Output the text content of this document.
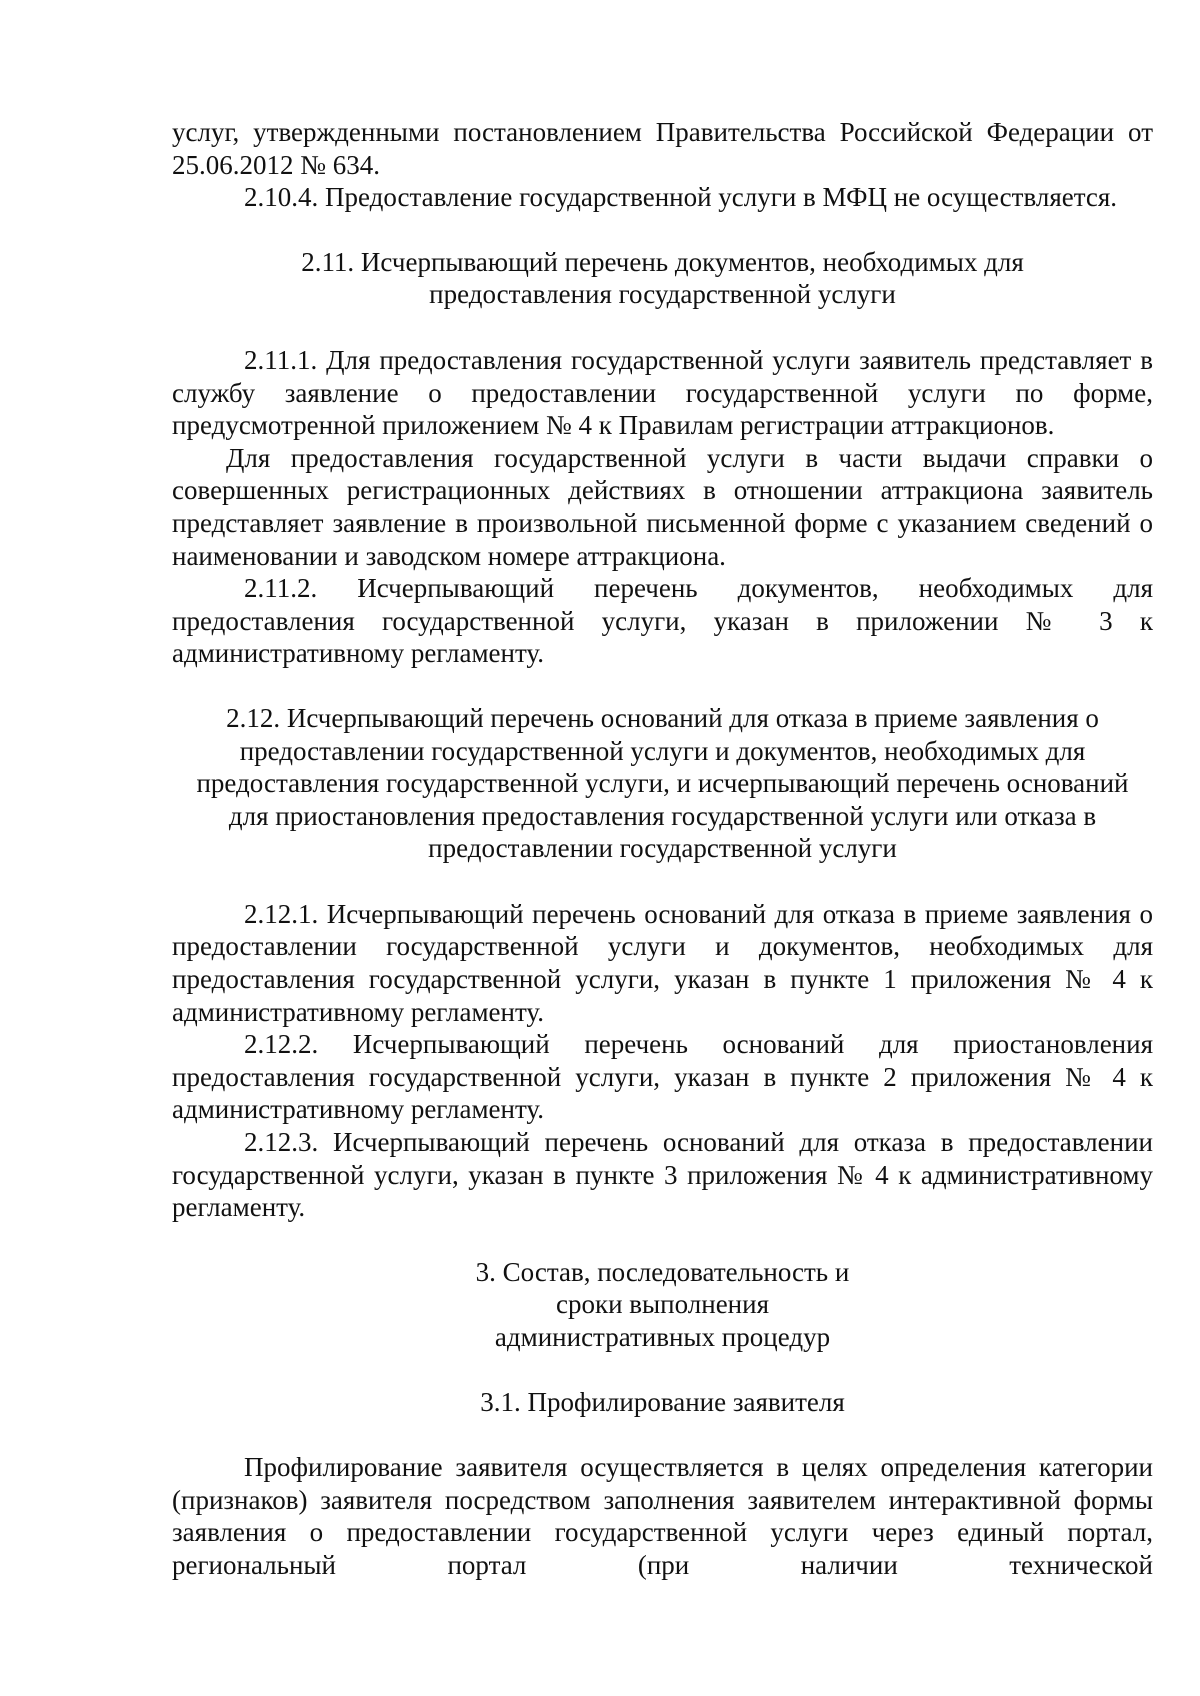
услуг, утвержденными постановлением Правительства Российской Федерации от 25.06.2012 № 634.

2.10.4. Предоставление государственной услуги в МФЦ не осуществляется.

2.11. Исчерпывающий перечень документов, необходимых для предоставления государственной услуги

2.11.1. Для предоставления государственной услуги заявитель представляет в службу заявление о предоставлении государственной услуги по форме, предусмотренной приложением № 4 к Правилам регистрации аттракционов.

Для предоставления государственной услуги в части выдачи справки о совершенных регистрационных действиях в отношении аттракциона заявитель представляет заявление в произвольной письменной форме с указанием сведений о наименовании и заводском номере аттракциона.

2.11.2. Исчерпывающий перечень документов, необходимых для предоставления государственной услуги, указан в приложении № 3 к административному регламенту.

2.12. Исчерпывающий перечень оснований для отказа в приеме заявления о предоставлении государственной услуги и документов, необходимых для предоставления государственной услуги, и исчерпывающий перечень оснований для приостановления предоставления государственной услуги или отказа в предоставлении государственной услуги

2.12.1. Исчерпывающий перечень оснований для отказа в приеме заявления о предоставлении государственной услуги и документов, необходимых для предоставления государственной услуги, указан в пункте 1 приложения № 4 к административному регламенту.

2.12.2. Исчерпывающий перечень оснований для приостановления предоставления государственной услуги, указан в пункте 2 приложения № 4 к административному регламенту.

2.12.3. Исчерпывающий перечень оснований для отказа в предоставлении государственной услуги, указан в пункте 3 приложения № 4 к административному регламенту.

3. Состав, последовательность и сроки выполнения административных процедур

3.1. Профилирование заявителя

Профилирование заявителя осуществляется в целях определения категории (признаков) заявителя посредством заполнения заявителем интерактивной формы заявления о предоставлении государственной услуги через единый портал, региональный портал (при наличии технической
